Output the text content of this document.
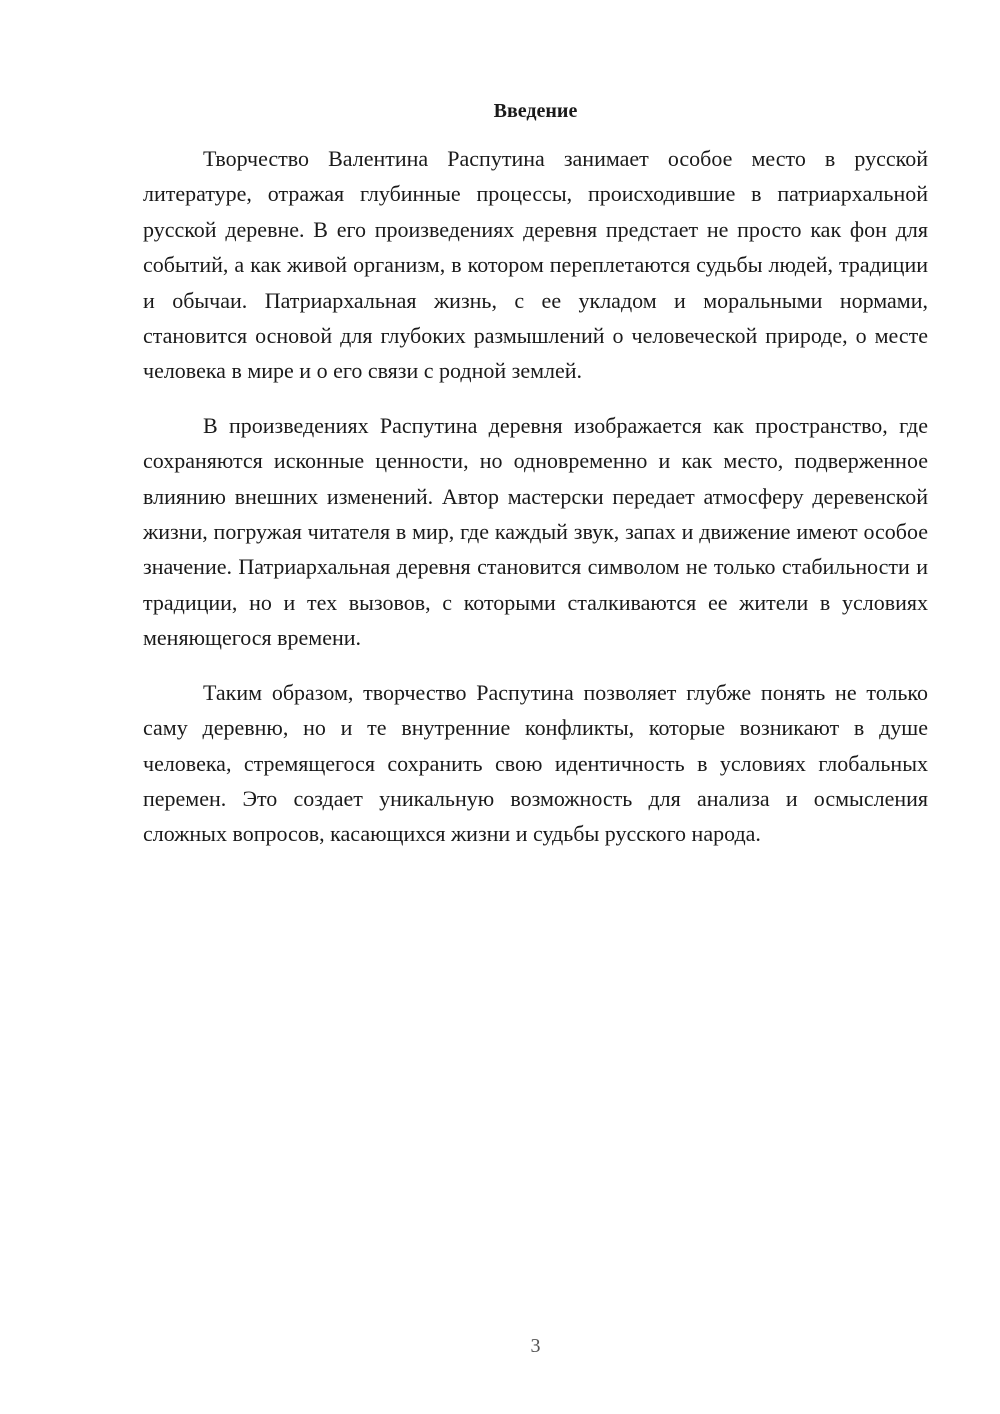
Введение

Творчество Валентина Распутина занимает особое место в русской литературе, отражая глубинные процессы, происходившие в патриархальной русской деревне. В его произведениях деревня предстает не просто как фон для событий, а как живой организм, в котором переплетаются судьбы людей, традиции и обычаи. Патриархальная жизнь, с ее укладом и моральными нормами, становится основой для глубоких размышлений о человеческой природе, о месте человека в мире и о его связи с родной землей.

В произведениях Распутина деревня изображается как пространство, где сохраняются исконные ценности, но одновременно и как место, подверженное влиянию внешних изменений. Автор мастерски передает атмосферу деревенской жизни, погружая читателя в мир, где каждый звук, запах и движение имеют особое значение. Патриархальная деревня становится символом не только стабильности и традиции, но и тех вызовов, с которыми сталкиваются ее жители в условиях меняющегося времени.

Таким образом, творчество Распутина позволяет глубже понять не только саму деревню, но и те внутренние конфликты, которые возникают в душе человека, стремящегося сохранить свою идентичность в условиях глобальных перемен. Это создает уникальную возможность для анализа и осмысления сложных вопросов, касающихся жизни и судьбы русского народа.

3
